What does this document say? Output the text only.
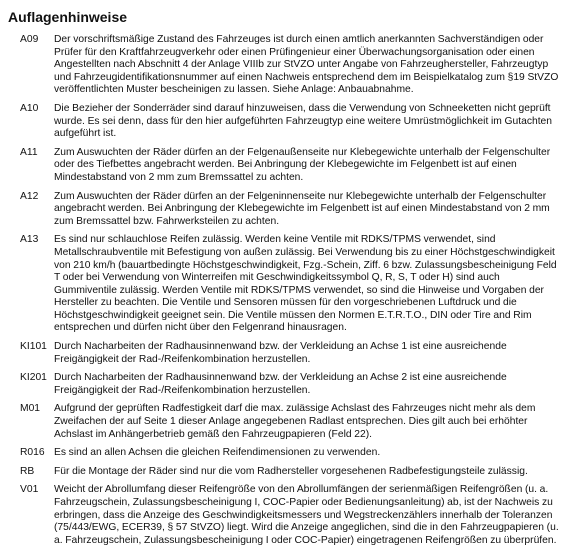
Auflagenhinweise
A09	Der vorschriftsmäßige Zustand des Fahrzeuges ist durch einen amtlich anerkannten Sachverständigen oder Prüfer für den Kraftfahrzeugverkehr oder einen Prüfingenieur einer Überwachungsorganisation oder einen Angestellten nach Abschnitt 4 der Anlage VIIIb zur StVZO unter Angabe von Fahrzeughersteller, Fahrzeugtyp und Fahrzeugidentifikationsnummer auf einen Nachweis entsprechend dem im Beispielkatalog zum §19 StVZO veröffentlichten Muster bescheinigen zu lassen. Siehe Anlage: Anbauabnahme.
A10	Die Bezieher der Sonderräder sind darauf hinzuweisen, dass die Verwendung von Schneeketten nicht geprüft wurde. Es sei denn, dass für den hier aufgeführten Fahrzeugtyp eine weitere Umrüstmöglichkeit im Gutachten aufgeführt ist.
A11	Zum Auswuchten der Räder dürfen an der Felgenaußenseite nur Klebegewichte unterhalb der Felgenschulter oder des Tiefbettes angebracht werden. Bei Anbringung der Klebegewichte im Felgenbett ist auf einen Mindestabstand von 2 mm zum Bremssattel zu achten.
A12	Zum Auswuchten der Räder dürfen an der Felgeninnenseite nur Klebegewichte unterhalb der Felgenschulter angebracht werden. Bei Anbringung der Klebegewichte im Felgenbett ist auf einen Mindestabstand von 2 mm zum Bremssattel bzw. Fahrwerksteilen zu achten.
A13	Es sind nur schlauchlose Reifen zulässig. Werden keine Ventile mit RDKS/TPMS verwendet, sind Metallschraubventile mit Befestigung von außen zulässig. Bei Verwendung bis zu einer Höchstgeschwindigkeit von 210 km/h (bauartbedingte Höchstgeschwindigkeit, Fzg.-Schein, Ziff. 6 bzw. Zulassungsbescheinigung Feld T oder bei Verwendung von Winterreifen mit Geschwindigkeitssymbol Q, R, S, T oder H) sind auch Gummiventile zulässig. Werden Ventile mit RDKS/TPMS verwendet, so sind die Hinweise und Vorgaben der Hersteller zu beachten. Die Ventile und Sensoren müssen für den vorgeschriebenen Luftdruck und die Höchstgeschwindigkeit geeignet sein. Die Ventile müssen den Normen E.T.R.T.O., DIN oder Tire and Rim entsprechen und dürfen nicht über den Felgenrand hinausragen.
KI101 Durch Nacharbeiten der Radhausinnenwand bzw. der Verkleidung an Achse 1 ist eine ausreichende Freigängigkeit der Rad-/Reifenkombination herzustellen.
KI201 Durch Nacharbeiten der Radhausinnenwand bzw. der Verkleidung an Achse 2 ist eine ausreichende Freigängigkeit der Rad-/Reifenkombination herzustellen.
M01	Aufgrund der geprüften Radfestigkeit darf die max. zulässige Achslast des Fahrzeuges nicht mehr als dem Zweifachen der auf Seite 1 dieser Anlage angegebenen Radlast entsprechen. Dies gilt auch bei erhöhter Achslast im Anhängerbetrieb gemäß den Fahrzeugpapieren (Feld 22).
R016 Es sind an allen Achsen die gleichen Reifendimensionen zu verwenden.
RB	Für die Montage der Räder sind nur die vom Radhersteller vorgesehenen Radbefestigungsteile zulässig.
V01	Weicht der Abrollumfang dieser Reifengröße von den Abrollumfängen der serienmäßigen Reifengrößen (u. a. Fahrzeugschein, Zulassungsbescheinigung I, COC-Papier oder Bedienungsanleitung) ab, ist der Nachweis zu erbringen, dass die Anzeige des Geschwindigkeitsmessers und Wegstreckenzählers innerhalb der Toleranzen (75/443/EWG, ECER39, § 57 StVZO) liegt. Wird die Anzeige angeglichen, sind die in den Fahrzeugpapieren (u. a. Fahrzeugschein, Zulassungsbescheinigung I oder COC-Papier) eingetragenen Reifengrößen zu überprüfen.
